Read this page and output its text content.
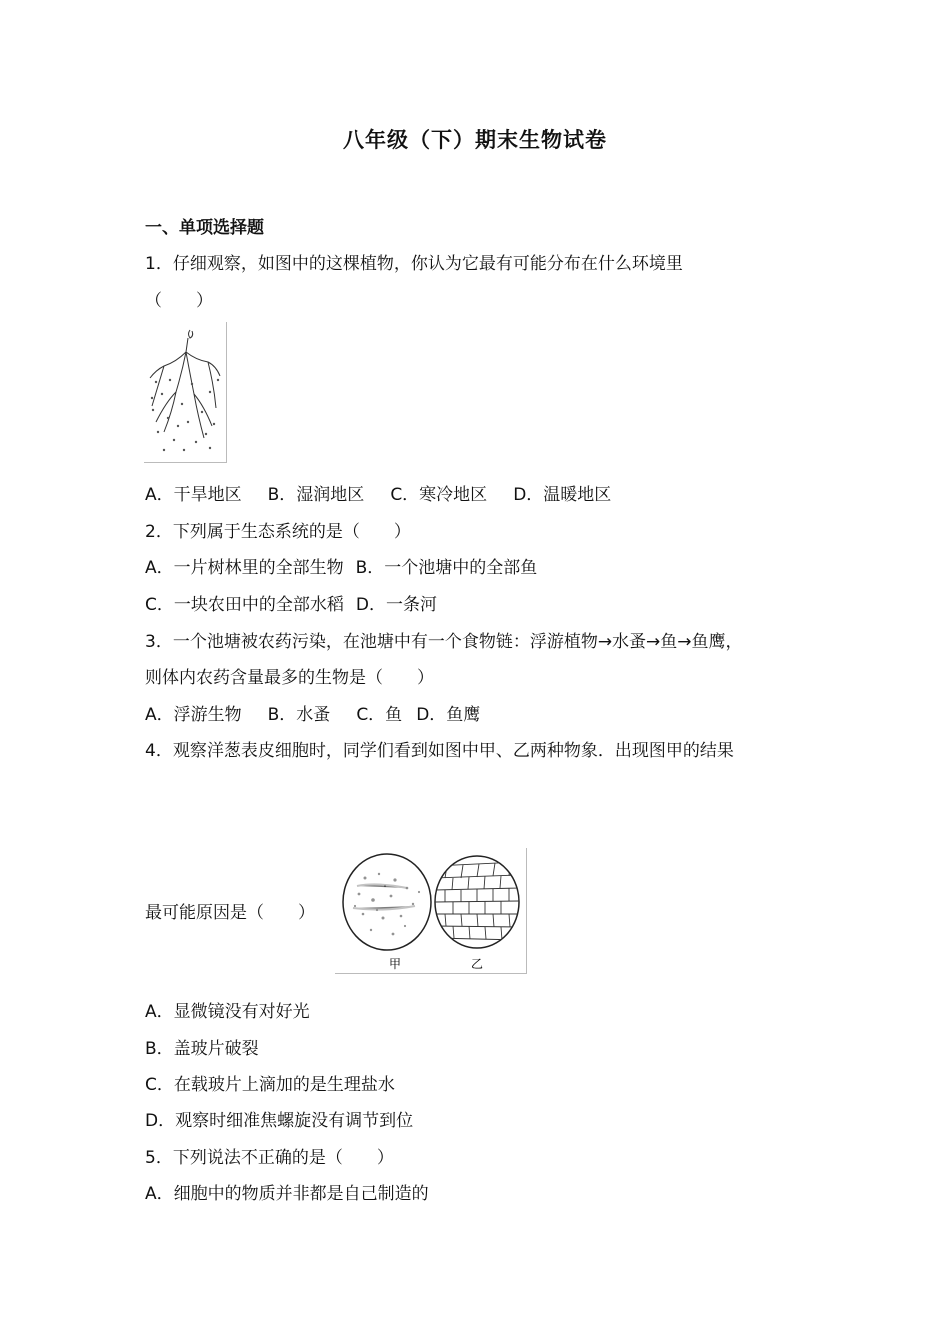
八年级（下）期末生物试卷
一、单项选择题
1．仔细观察，如图中的这棵植物，你认为它最有可能分布在什么环境里
（　　）
A．干旱地区 B．湿润地区 C．寒冷地区 D．温暖地区
2．下列属于生态系统的是（　　）
A．一片树林里的全部生物 B．一个池塘中的全部鱼
C．一块农田中的全部水稻 D．一条河
3．一个池塘被农药污染，在池塘中有一个食物链：浮游植物→水蚤→鱼→鱼鹰，
则体内农药含量最多的生物是（　　）
A．浮游生物 B．水蚤 C．鱼 D．鱼鹰
4．观察洋葱表皮细胞时，同学们看到如图中甲、乙两种物象．出现图甲的结果
最可能原因是（　　）
甲	乙
A．显微镜没有对好光
B．盖玻片破裂
C．在载玻片上滴加的是生理盐水
D．观察时细准焦螺旋没有调节到位
5．下列说法不正确的是（　　）
A．细胞中的物质并非都是自己制造的
